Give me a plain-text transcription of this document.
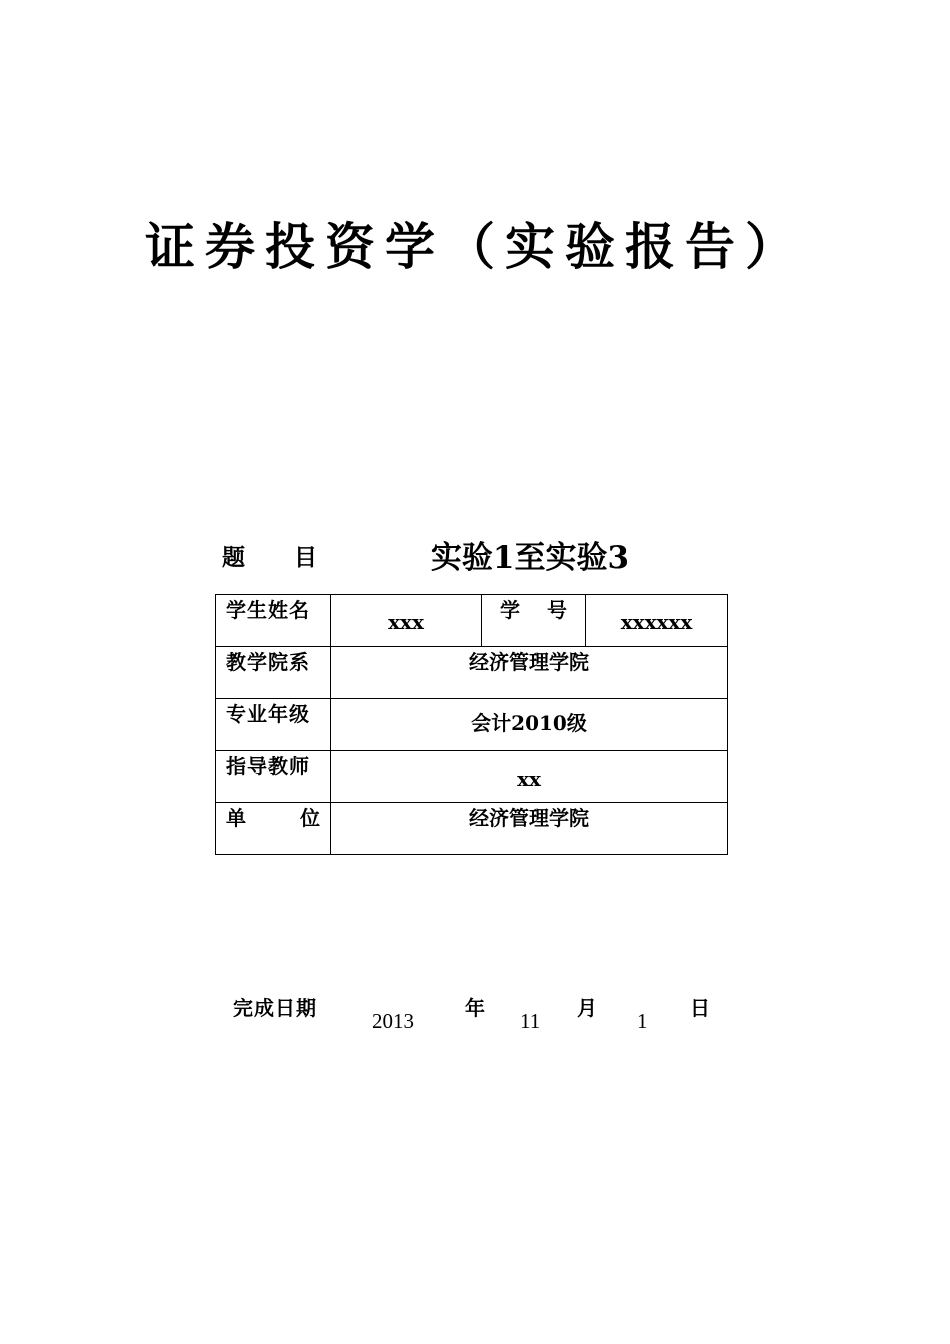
证券投资学（实验报告）
题 目	实验1至实验3
学生姓名	xxx	学 号	xxxxxx

教学院系	经济管理学院		

专业年级	会计2010级		

指导教师	xx		

单 位	经济管理学院		
完成日期
2013
年
11
月
1
日
